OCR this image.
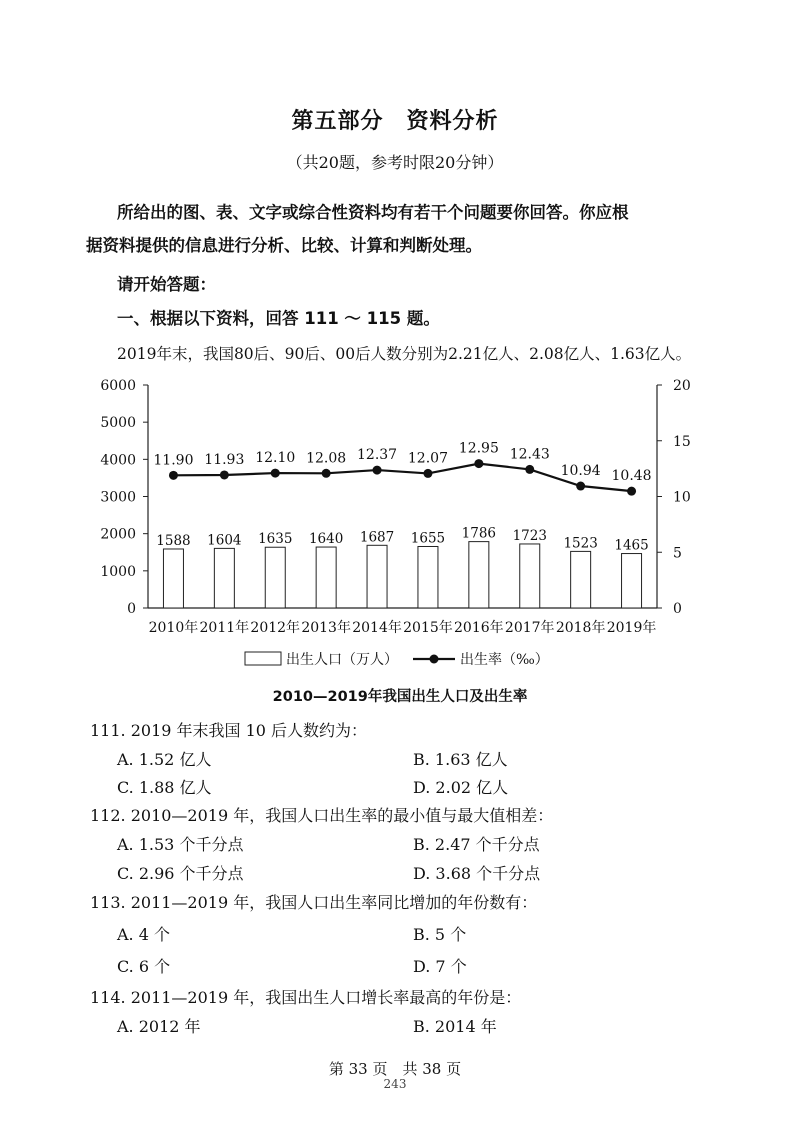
第五部分　资料分析
（共20题，参考时限20分钟）
所给出的图、表、文字或综合性资料均有若干个问题要你回答。你应根
据资料提供的信息进行分析、比较、计算和判断处理。
请开始答题：
一、根据以下资料，回答 111 ～ 115 题。
2019年末，我国80后、90后、00后人数分别为2.21亿人、2.08亿人、1.63亿人。
0
1000
2000
3000
4000
5000
6000
0
5
10
15
20
1588
2010年
11.90
1604
2011年
11.93
1635
2012年
12.10
1640
2013年
12.08
1687
2014年
12.37
1655
2015年
12.07
1786
2016年
12.95
1723
2017年
12.43
1523
2018年
10.94
1465
2019年
10.48
出生人口（万人）	出生率（‰）
2010—2019年我国出生人口及出生率
111. 2019 年末我国 10 后人数约为：
A. 1.52 亿人	B. 1.63 亿人
C. 1.88 亿人	D. 2.02 亿人
112. 2010—2019 年，我国人口出生率的最小值与最大值相差：
A. 1.53 个千分点	B. 2.47 个千分点
C. 2.96 个千分点	D. 3.68 个千分点
113. 2011—2019 年，我国人口出生率同比增加的年份数有：
A. 4 个	B. 5 个
C. 6 个	D. 7 个
114. 2011—2019 年，我国出生人口增长率最高的年份是：
A. 2012 年	B. 2014 年
第 33 页　共 38 页
243
